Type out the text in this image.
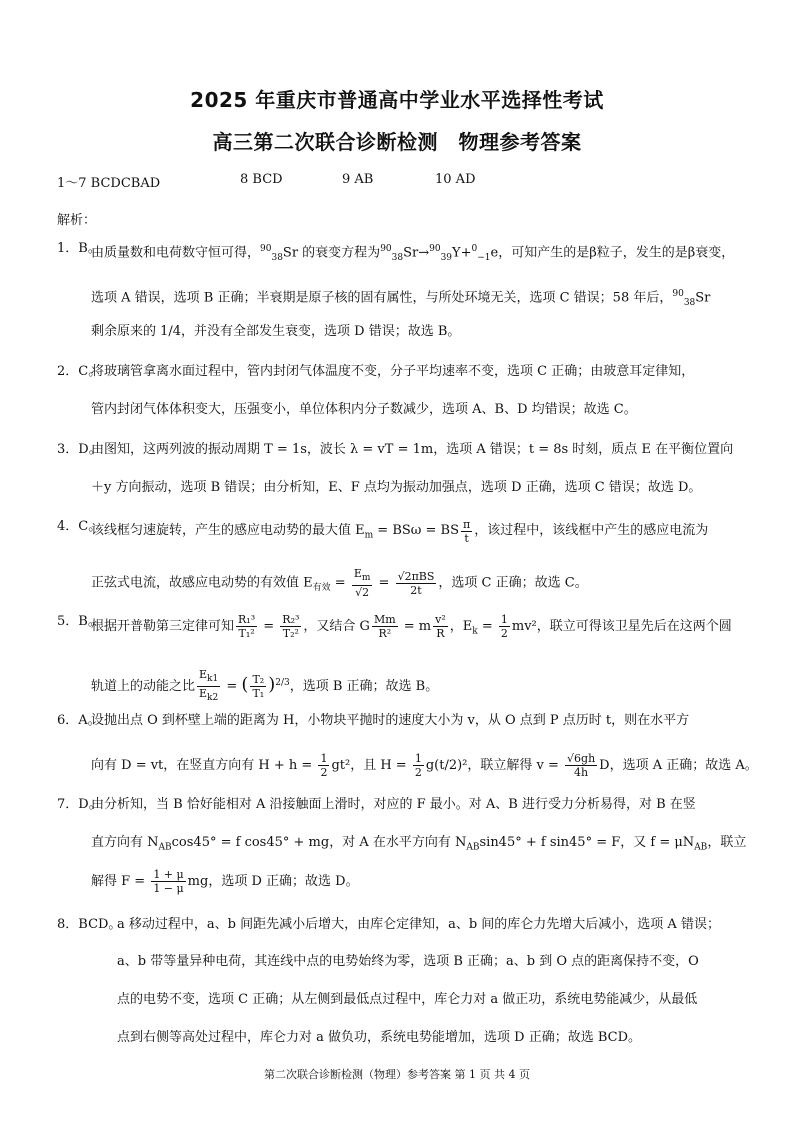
2025 年重庆市普通高中学业水平选择性考试
高三第二次联合诊断检测　物理参考答案
1～7 BCDCBAD	8 BCD	9 AB	10 AD
解析：
1．B。
由质量数和电荷数守恒可得，$^{90}_{38}$Sr 的衰变方程为$^{90}_{38}$Sr→$^{90}_{39}$Y+$^0_{-1}$e，可知产生的是β粒子，发生的是β衰变，
选项 A 错误，选项 B 正确；半衰期是原子核的固有属性，与所处环境无关，选项 C 错误；58 年后，$^{90}_{38}$Sr
剩余原来的 1/4，并没有全部发生衰变，选项 D 错误；故选 B。
2．C。
将玻璃管拿离水面过程中，管内封闭气体温度不变，分子平均速率不变，选项 C 正确；由玻意耳定律知，
管内封闭气体体积变大，压强变小，单位体积内分子数减少，选项 A、B、D 均错误；故选 C。
3．D。
由图知，这两列波的振动周期 T = 1s，波长 λ = vT = 1m，选项 A 错误；t = 8s 时刻，质点 E 在平衡位置向
＋y 方向振动，选项 B 错误；由分析知，E、F 点均为振动加强点，选项 D 正确，选项 C 错误；故选 D。
4．C。
该线框匀速旋转，产生的感应电动势的最大值 $E_m = BS\omega$ = BS $\frac{\pi}{t}$ ，该过程中，该线框中产生的感应电流为
正弦式电流，故感应电动势的有效值 $E_{有效} = \frac{E_m}{√2} = \frac{\text{√2πBS}}{2t}$ ，选项 C 正确；故选 C。
5．B。
根据开普勒第三定律可知 $\frac{\text{R₁³}}{\text{T₁²}} = \frac{\text{R₂³}}{\text{T₂²}}$ ，又结合 G $\frac{Mm}{\text{R²}} = m \frac{\text{v²}}{R}$ ，$E_k = \frac{1}{2} mv^2$，联立可得该卫星先后在这两个圆
轨道上的动能之比 $\frac{E_{k1}}{E_{k2}}$ = ( $\frac{\text{T₂}}{\text{T₁}} )^{2/3}$，选项 B 正确；故选 B。
6．A。
设抛出点 O 到杯壁上端的距离为 H，小物块平抛时的速度大小为 v，从 O 点到 P 点历时 t，则在水平方
向有 D = vt，在竖直方向有 $H + h = \frac{1}{2} gt^2$，且 $H = \frac{1}{2} g(t/2)^2$，联立解得 $v = \frac{√6gh}{4h}$ D，选项 A 正确；故选 A。
7．D。
由分析知，当 B 恰好能相对 A 沿接触面上滑时，对应的 F 最小。对 A、B 进行受力分析易得，对 B 在竖
直方向有 $N_{AB}\cos 45^\circ = f$ cos45° + mg，对 A 在水平方向有 $N_{AB}\sin 45^\circ + f$ sin45° = F，又 $f = \mu N_{AB}$，联立
解得 $F = \frac{1 + \mu}{1 - \mu}$ mg，选项 D 正确；故选 D。
8．BCD。
a 移动过程中，a、b 间距先减小后增大，由库仑定律知，a、b 间的库仑力先增大后减小，选项 A 错误；
a、b 带等量异种电荷，其连线中点的电势始终为零，选项 B 正确；a、b 到 O 点的距离保持不变，O
点的电势不变，选项 C 正确；从左侧到最低点过程中，库仑力对 a 做正功，系统电势能减少，从最低
点到右侧等高处过程中，库仑力对 a 做负功，系统电势能增加，选项 D 正确；故选 BCD。
第二次联合诊断检测（物理）参考答案 第 1 页 共 4 页
